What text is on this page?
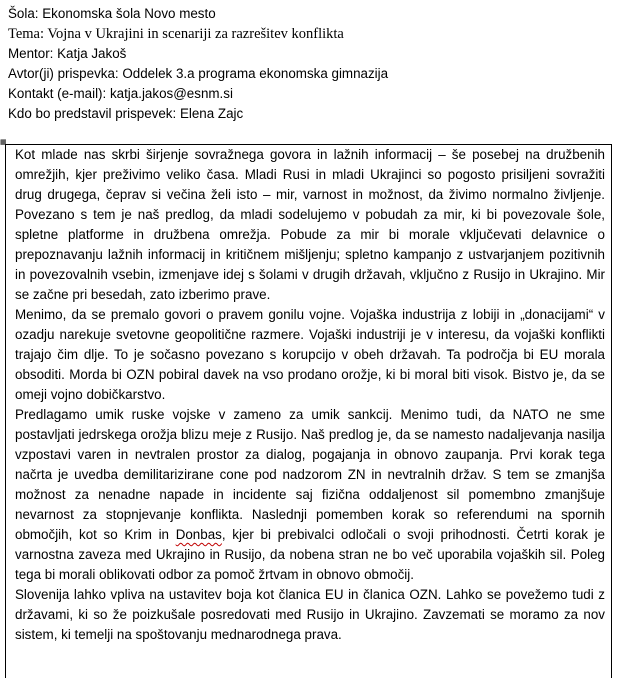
Šola: Ekonomska šola Novo mesto
Tema: Vojna v Ukrajini in scenariji za razrešitev konflikta
Mentor: Katja Jakoš
Avtor(ji) prispevka: Oddelek 3.a programa ekonomska gimnazija
Kontakt (e-mail): katja.jakos@esnm.si
Kdo bo predstavil prispevek: Elena Zajc
▦

Kot mlade nas skrbi širjenje sovražnega govora in lažnih informacij – še posebej na družbenih omrežjih, kjer preživimo veliko časa. Mladi Rusi in mladi Ukrajinci so pogosto prisiljeni sovražiti drug drugega, čeprav si večina želi isto – mir, varnost in možnost, da živimo normalno življenje. Povezano s tem je naš predlog, da mladi sodelujemo v pobudah za mir, ki bi povezovale šole, spletne platforme in družbena omrežja. Pobude za mir bi morale vključevati delavnice o prepoznavanju lažnih informacij in kritičnem mišljenju; spletno kampanjo z ustvarjanjem pozitivnih in povezovalnih vsebin, izmenjave idej s šolami v drugih državah, vključno z Rusijo in Ukrajino. Mir se začne pri besedah, zato izberimo prave.

Menimo, da se premalo govori o pravem gonilu vojne. Vojaška industrija z lobiji in „donacijami“ v ozadju narekuje svetovne geopolitične razmere. Vojaški industriji je v interesu, da vojaški konflikti trajajo čim dlje. To je sočasno povezano s korupcijo v obeh državah. Ta področja bi EU morala obsoditi. Morda bi OZN pobiral davek na vso prodano orožje, ki bi moral biti visok. Bistvo je, da se omeji vojno dobičkarstvo.

Predlagamo umik ruske vojske v zameno za umik sankcij. Menimo tudi, da NATO ne sme postavljati jedrskega orožja blizu meje z Rusijo. Naš predlog je, da se namesto nadaljevanja nasilja vzpostavi varen in nevtralen prostor za dialog, pogajanja in obnovo zaupanja. Prvi korak tega načrta je uvedba demilitarizirane cone pod nadzorom ZN in nevtralnih držav. S tem se zmanjša možnost za nenadne napade in incidente saj fizična oddaljenost sil pomembno zmanjšuje nevarnost za stopnjevanje konflikta. Naslednji pomemben korak so referendumi na spornih območjih, kot so Krim in Donbas, kjer bi prebivalci odločali o svoji prihodnosti. Četrti korak je varnostna zaveza med Ukrajino in Rusijo, da nobena stran ne bo več uporabila vojaških sil. Poleg tega bi morali oblikovati odbor za pomoč žrtvam in obnovo območij.

Slovenija lahko vpliva na ustavitev boja kot članica EU in članica OZN. Lahko se povežemo tudi z državami, ki so že poizkušale posredovati med Rusijo in Ukrajino. Zavzemati se moramo za nov sistem, ki temelji na spoštovanju mednarodnega prava.
